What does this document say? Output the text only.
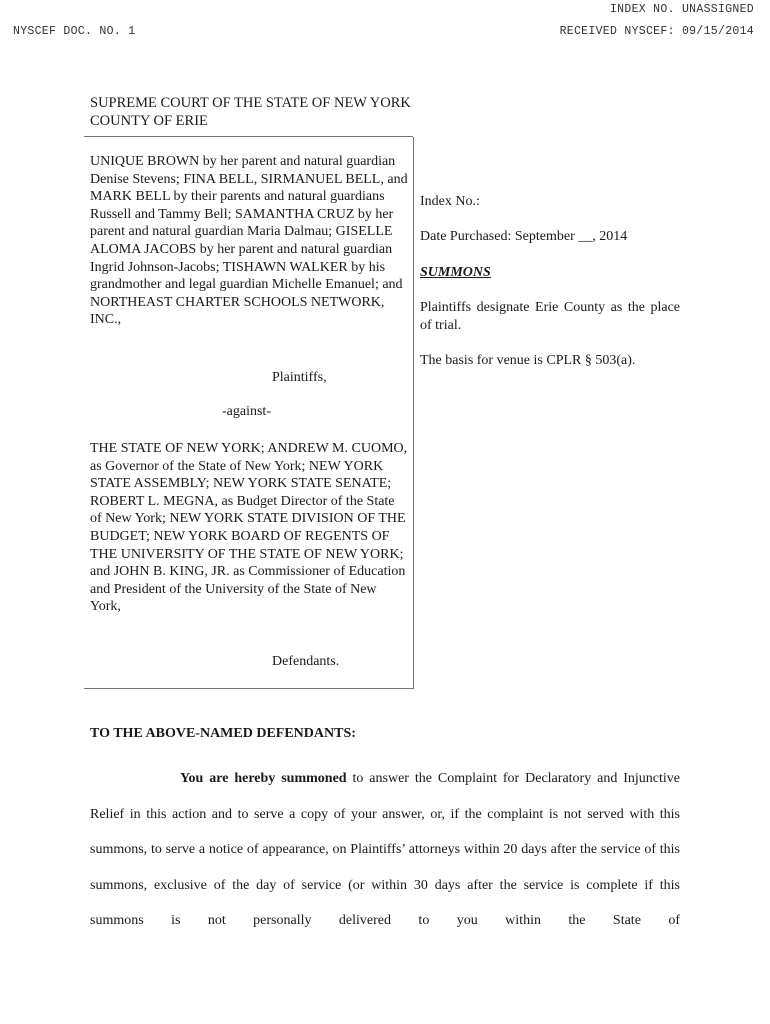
INDEX NO. UNASSIGNED
NYSCEF DOC. NO. 1	RECEIVED NYSCEF: 09/15/2014
SUPREME COURT OF THE STATE OF NEW YORK
COUNTY OF ERIE

UNIQUE BROWN by her parent and natural guardian Denise Stevens; FINA BELL, SIRMANUEL BELL, and MARK BELL by their parents and natural guardians Russell and Tammy Bell; SAMANTHA CRUZ by her parent and natural guardian Maria Dalmau; GISELLE ALOMA JACOBS by her parent and natural guardian Ingrid Johnson-Jacobs; TISHAWN WALKER by his grandmother and legal guardian Michelle Emanuel; and NORTHEAST CHARTER SCHOOLS NETWORK, INC.,

Plaintiffs,
-against-

THE STATE OF NEW YORK; ANDREW M. CUOMO, as Governor of the State of New York; NEW YORK STATE ASSEMBLY; NEW YORK STATE SENATE; ROBERT L. MEGNA, as Budget Director of the State of New York; NEW YORK STATE DIVISION OF THE BUDGET; NEW YORK BOARD OF REGENTS OF THE UNIVERSITY OF THE STATE OF NEW YORK; and JOHN B. KING, JR. as Commissioner of Education and President of the University of the State of New York,

Defendants.
Index No.:
Date Purchased: September __, 2014
SUMMONS
Plaintiffs designate Erie County as the place of trial.
The basis for venue is CPLR § 503(a).
TO THE ABOVE-NAMED DEFENDANTS:
You are hereby summoned to answer the Complaint for Declaratory and Injunctive Relief in this action and to serve a copy of your answer, or, if the complaint is not served with this summons, to serve a notice of appearance, on Plaintiffs’ attorneys within 20 days after the service of this summons, exclusive of the day of service (or within 30 days after the service is complete if this summons is not personally delivered to you within the State of
